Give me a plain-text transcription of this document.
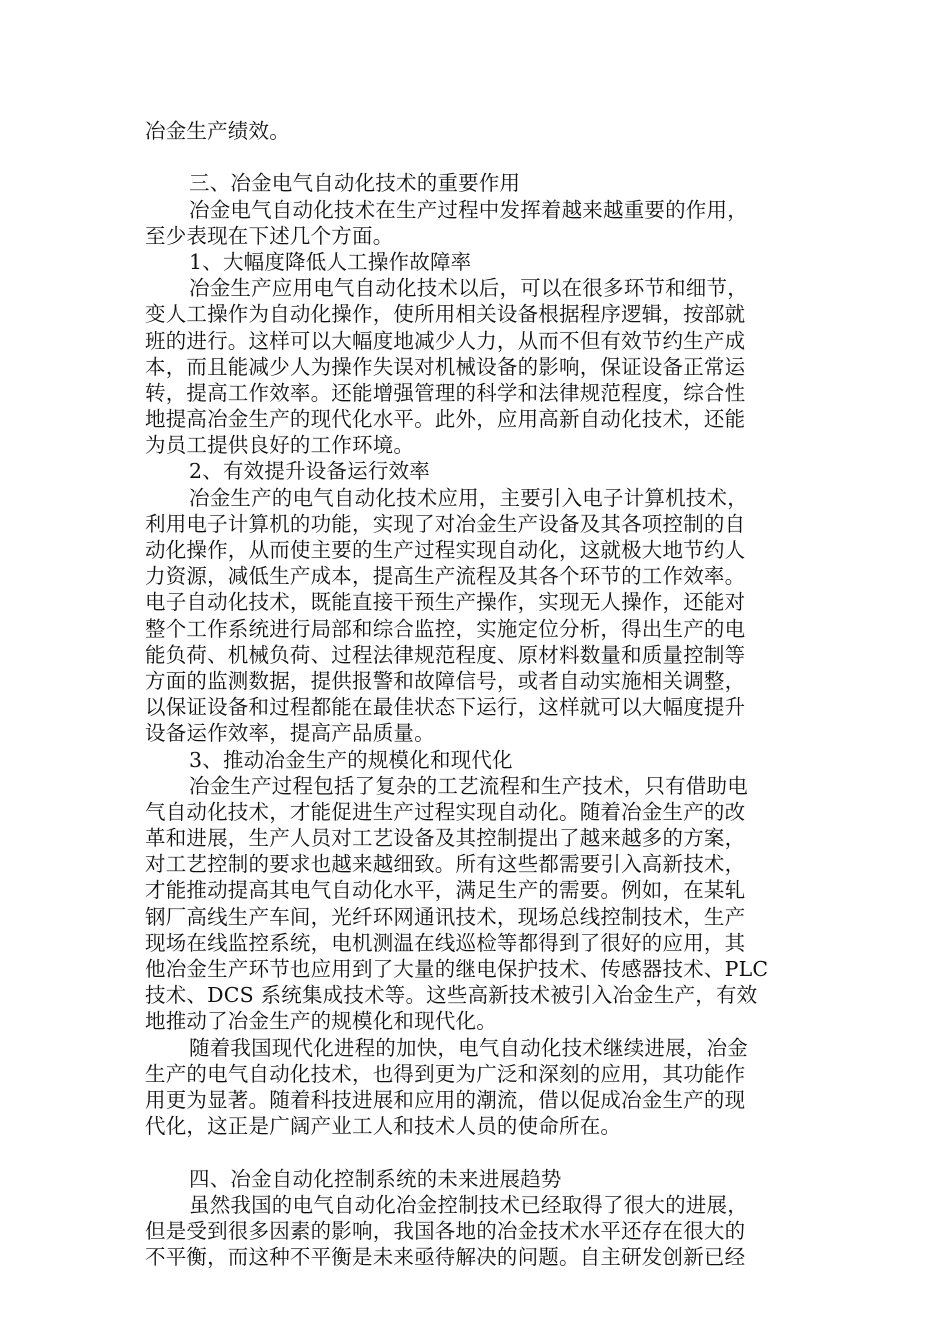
冶金生产绩效。
三、冶金电气自动化技术的重要作用
冶金电气自动化技术在生产过程中发挥着越来越重要的作用，
至少表现在下述几个方面。
1、大幅度降低人工操作故障率
冶金生产应用电气自动化技术以后，可以在很多环节和细节，
变人工操作为自动化操作，使所用相关设备根据程序逻辑，按部就
班的进行。这样可以大幅度地减少人力，从而不但有效节约生产成
本，而且能减少人为操作失误对机械设备的影响，保证设备正常运
转，提高工作效率。还能增强管理的科学和法律规范程度，综合性
地提高冶金生产的现代化水平。此外，应用高新自动化技术，还能
为员工提供良好的工作环境。
2、有效提升设备运行效率
冶金生产的电气自动化技术应用，主要引入电子计算机技术，
利用电子计算机的功能，实现了对冶金生产设备及其各项控制的自
动化操作，从而使主要的生产过程实现自动化，这就极大地节约人
力资源，减低生产成本，提高生产流程及其各个环节的工作效率。
电子自动化技术，既能直接干预生产操作，实现无人操作，还能对
整个工作系统进行局部和综合监控，实施定位分析，得出生产的电
能负荷、机械负荷、过程法律规范程度、原材料数量和质量控制等
方面的监测数据，提供报警和故障信号，或者自动实施相关调整，
以保证设备和过程都能在最佳状态下运行，这样就可以大幅度提升
设备运作效率，提高产品质量。
3、推动冶金生产的规模化和现代化
冶金生产过程包括了复杂的工艺流程和生产技术，只有借助电
气自动化技术，才能促进生产过程实现自动化。随着冶金生产的改
革和进展，生产人员对工艺设备及其控制提出了越来越多的方案，
对工艺控制的要求也越来越细致。所有这些都需要引入高新技术，
才能推动提高其电气自动化水平，满足生产的需要。例如，在某轧
钢厂高线生产车间，光纤环网通讯技术，现场总线控制技术，生产
现场在线监控系统，电机测温在线巡检等都得到了很好的应用，其
他冶金生产环节也应用到了大量的继电保护技术、传感器技术、PLC
技术、DCS 系统集成技术等。这些高新技术被引入冶金生产，有效
地推动了冶金生产的规模化和现代化。
随着我国现代化进程的加快，电气自动化技术继续进展，冶金
生产的电气自动化技术，也得到更为广泛和深刻的应用，其功能作
用更为显著。随着科技进展和应用的潮流，借以促成冶金生产的现
代化，这正是广阔产业工人和技术人员的使命所在。
四、冶金自动化控制系统的未来进展趋势
虽然我国的电气自动化冶金控制技术已经取得了很大的进展，
但是受到很多因素的影响，我国各地的冶金技术水平还存在很大的
不平衡，而这种不平衡是未来亟待解决的问题。自主研发创新已经
